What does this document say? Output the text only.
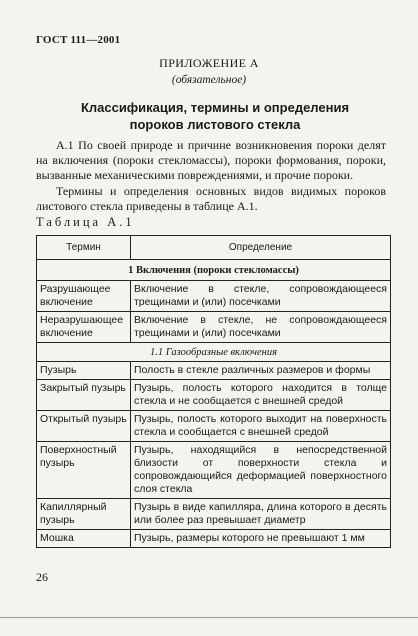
ГОСТ 111—2001
ПРИЛОЖЕНИЕ А
(обязательное)
Классификация, термины и определения
пороков листового стекла
А.1 По своей природе и причине возникновения пороки делят на включения (пороки стекломассы), пороки формования, пороки, вызванные механическими повреждениями, и прочие пороки.
Термины и определения основных видов видимых пороков листового стекла приведены в таблице А.1.
Таблица А.1
Термин	Определение
1 Включения (пороки стекломассы)	
Разрушающее включение	Включение в стекле, сопровождающееся трещинами и (или) посечками
Неразрушающее включение	Включение в стекле, не сопровождающееся трещинами и (или) посечками
1.1 Газообразные включения	
Пузырь	Полость в стекле различных размеров и формы
Закрытый пузырь	Пузырь, полость которого находится в толще стекла и не сообщается с внешней средой
Открытый пузырь	Пузырь, полость которого выходит на поверхность стекла и сообщается с внешней средой
Поверхностный пузырь	Пузырь, находящийся в непосредственной близости от поверхности стекла и сопровождающийся деформацией поверхностного слоя стекла
Капиллярный пузырь	Пузырь в виде капилляра, длина которого в десять или более раз превышает диаметр
Мошка	Пузырь, размеры которого не превышают 1 мм
26
